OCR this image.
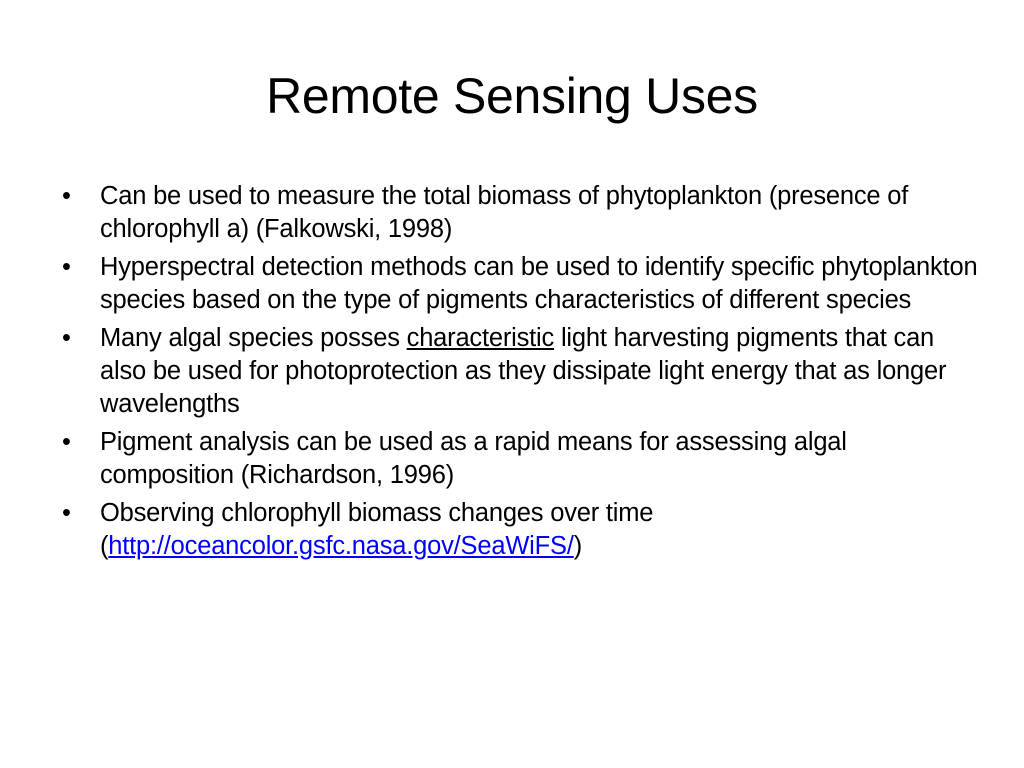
Remote Sensing Uses
•	Can be used to measure the total biomass of phytoplankton (presence of chlorophyll a) (Falkowski, 1998)
•	Hyperspectral detection methods can be used to identify specific phytoplankton species based on the type of pigments characteristics of different species
•	Many algal species posses characteristic light harvesting pigments that can also be used for photoprotection as they dissipate light energy that as longer wavelengths
•	Pigment analysis can be used as a rapid means for assessing algal composition (Richardson, 1996)
•	Observing chlorophyll biomass changes over time (http://oceancolor.gsfc.nasa.gov/SeaWiFS/)
